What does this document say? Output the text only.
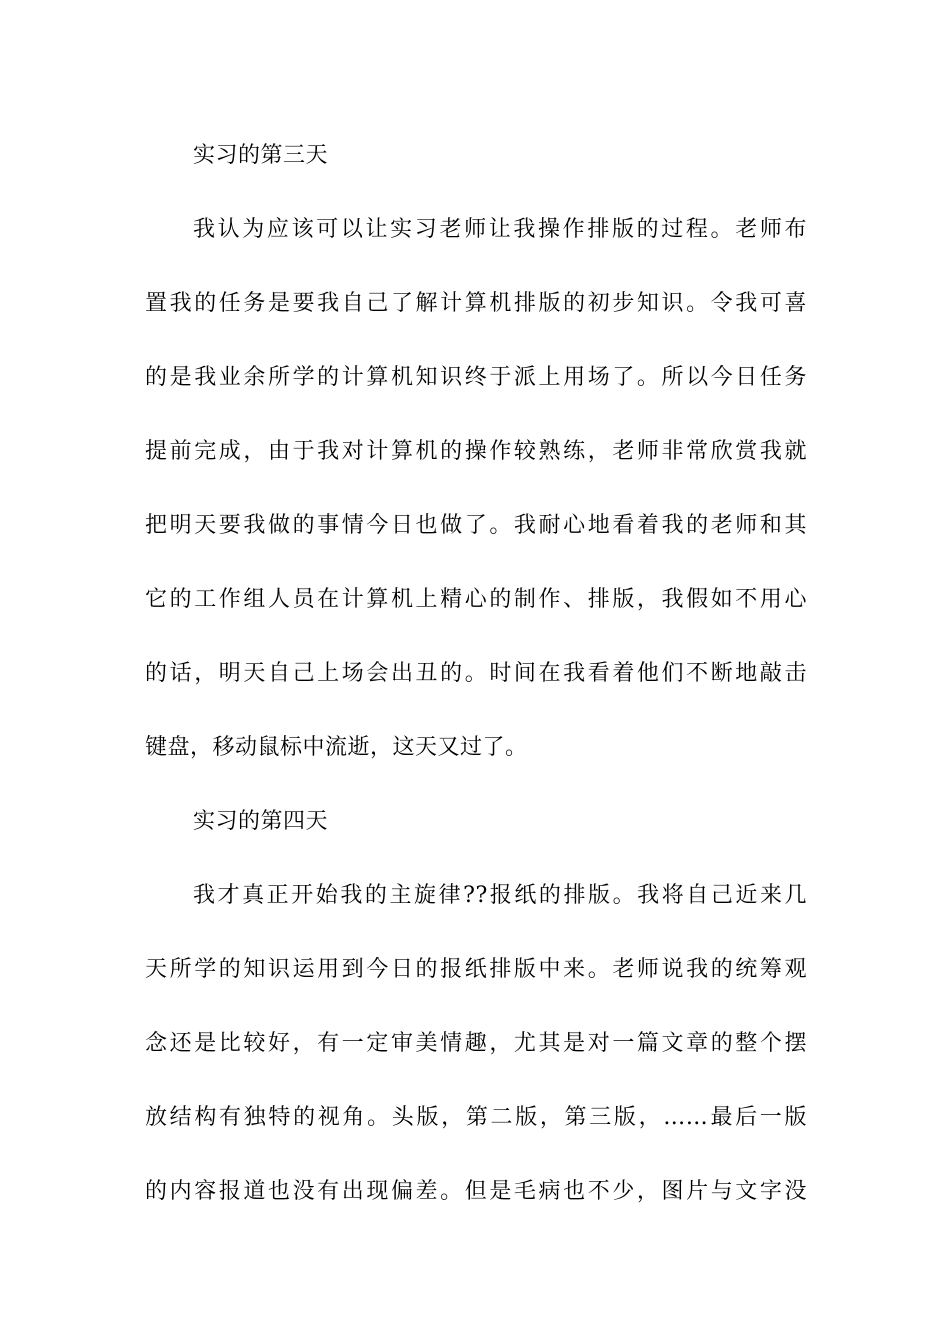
实习的第三天
我认为应该可以让实习老师让我操作排版的过程。老师布
置我的任务是要我自己了解计算机排版的初步知识。令我可喜
的是我业余所学的计算机知识终于派上用场了。所以今日任务
提前完成，由于我对计算机的操作较熟练，老师非常欣赏我就
把明天要我做的事情今日也做了。我耐心地看着我的老师和其
它的工作组人员在计算机上精心的制作、排版，我假如不用心
的话，明天自己上场会出丑的。时间在我看着他们不断地敲击
键盘，移动鼠标中流逝，这天又过了。
实习的第四天
我才真正开始我的主旋律??报纸的排版。我将自己近来几
天所学的知识运用到今日的报纸排版中来。老师说我的统筹观
念还是比较好，有一定审美情趣，尤其是对一篇文章的整个摆
放结构有独特的视角。头版，第二版，第三版，……最后一版
的内容报道也没有出现偏差。但是毛病也不少，图片与文字没
